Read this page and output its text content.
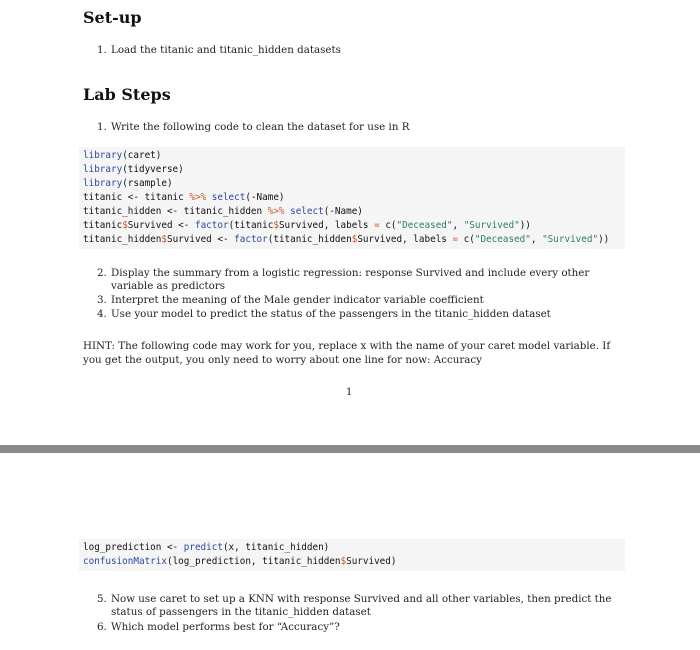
Set-up
1. Load the titanic and titanic_hidden datasets
Lab Steps
1. Write the following code to clean the dataset for use in R
library(caret)
library(tidyverse)
library(rsample)
titanic <- titanic %>% select(-Name)
titanic_hidden <- titanic_hidden %>% select(-Name)
titanic$Survived <- factor(titanic$Survived, labels = c("Deceased", "Survived"))
titanic_hidden$Survived <- factor(titanic_hidden$Survived, labels = c("Deceased", "Survived"))
2. Display the summary from a logistic regression: response Survived and include every other variable as predictors
3. Interpret the meaning of the Male gender indicator variable coefficient
4. Use your model to predict the status of the passengers in the titanic_hidden dataset
HINT: The following code may work for you, replace x with the name of your caret model variable. If you get the output, you only need to worry about one line for now: Accuracy
1
log_prediction <- predict(x, titanic_hidden)
confusionMatrix(log_prediction, titanic_hidden$Survived)
5. Now use caret to set up a KNN with response Survived and all other variables, then predict the status of passengers in the titanic_hidden dataset
6. Which model performs best for “Accuracy”?
